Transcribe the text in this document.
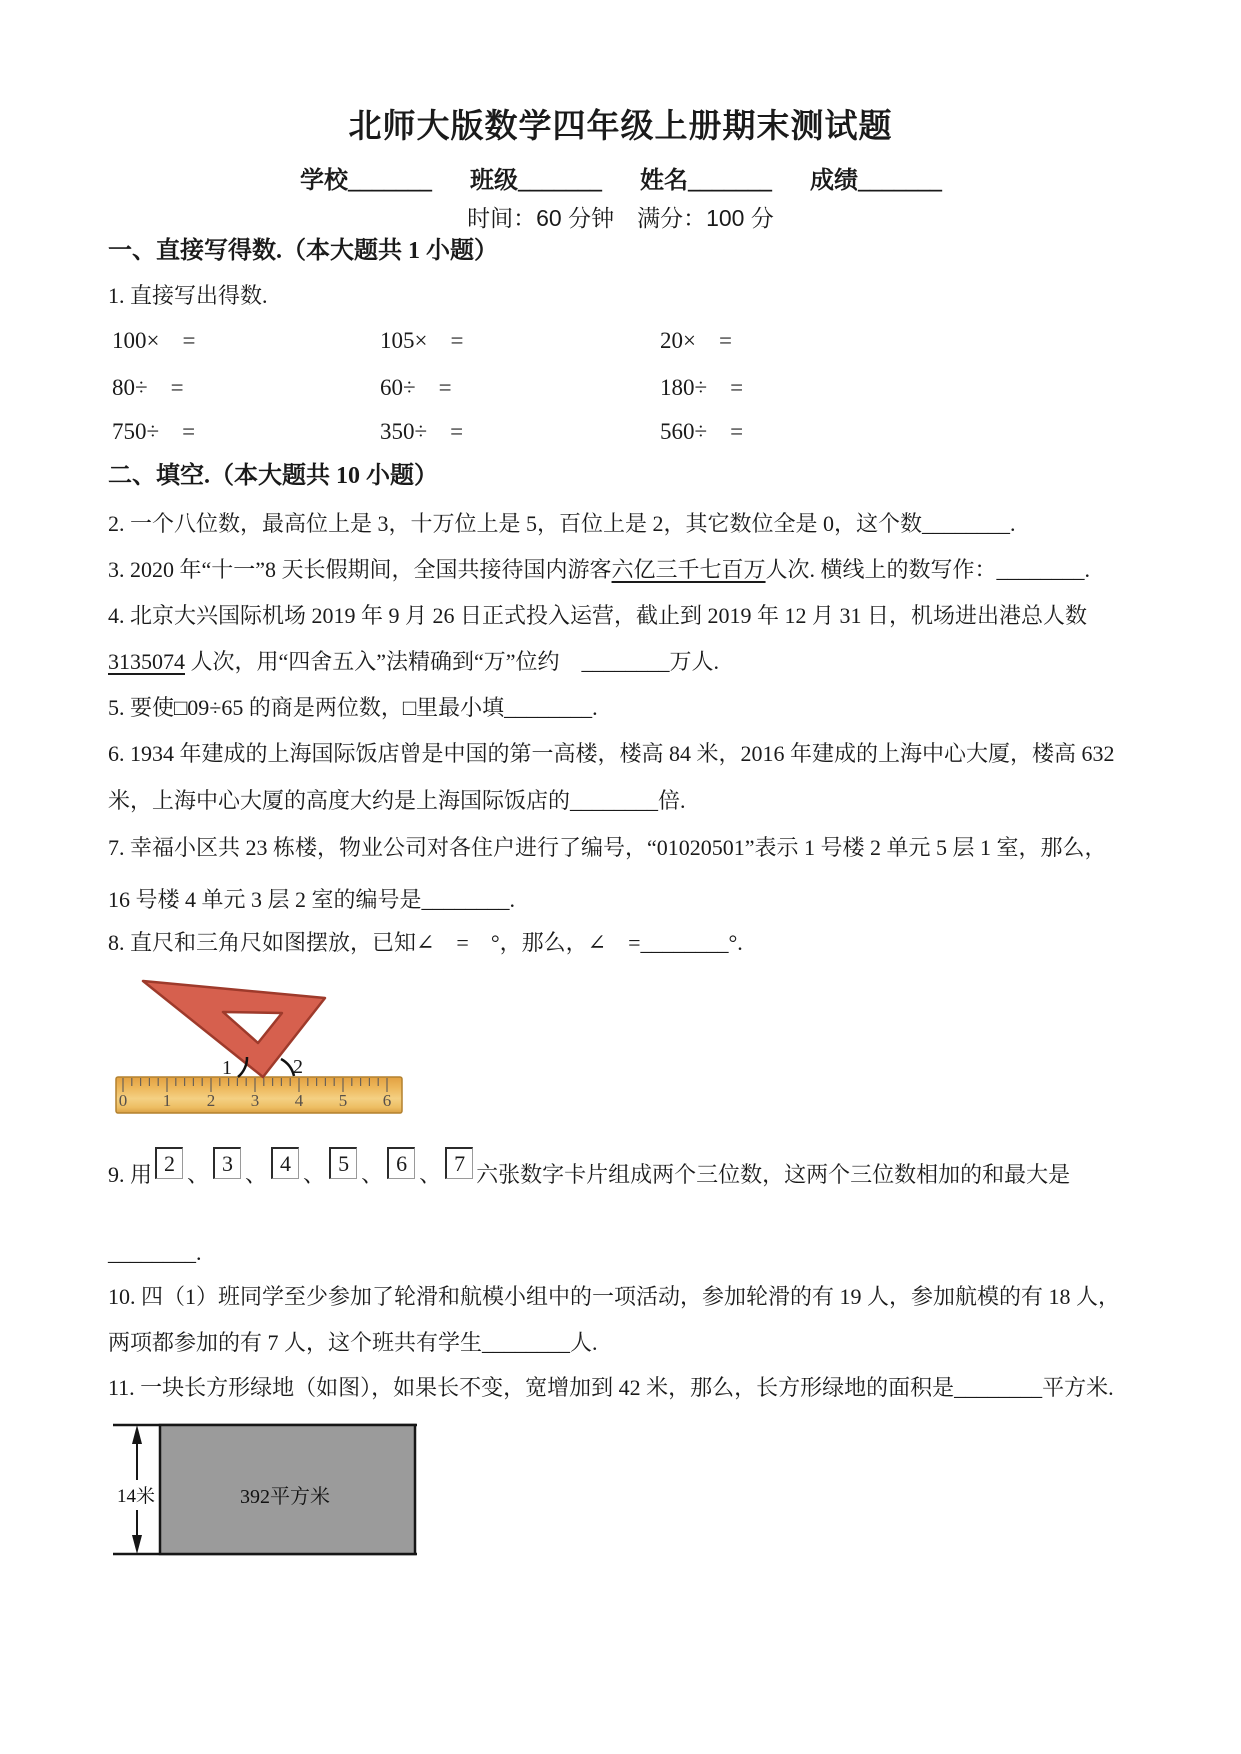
北师大版数学四年级上册期末测试题
学校_______ 班级_______ 姓名_______ 成绩_______
时间：60 分钟　满分：100 分
一、直接写得数.（本大题共 1 小题）
1. 直接写出得数.
100×　=	105×　=	20×　=
80÷　=	60÷　=	180÷　=
750÷　=	350÷　=	560÷　=
二、填空.（本大题共 10 小题）
2. 一个八位数，最高位上是 3，十万位上是 5，百位上是 2，其它数位全是 0，这个数________.
3. 2020 年“十一”8 天长假期间，全国共接待国内游客六亿三千七百万人次. 横线上的数写作：________.
4. 北京大兴国际机场 2019 年 9 月 26 日正式投入运营，截止到 2019 年 12 月 31 日，机场进出港总人数
3135074 人次，用“四舍五入”法精确到“万”位约　________万人.
5. 要使□09÷65 的商是两位数，□里最小填________.
6. 1934 年建成的上海国际饭店曾是中国的第一高楼，楼高 84 米，2016 年建成的上海中心大厦，楼高 632
米，上海中心大厦的高度大约是上海国际饭店的________倍.
7. 幸福小区共 23 栋楼，物业公司对各住户进行了编号，“01020501”表示 1 号楼 2 单元 5 层 1 室，那么，
16 号楼 4 单元 3 层 2 室的编号是________.
8. 直尺和三角尺如图摆放，已知∠　=　°，那么，∠　=________°.
0 1 2 3 4 5 6
1	2
9. 用 2 、 3 、 4 、 5 、 6 、 7 六张数字卡片组成两个三位数，这两个三位数相加的和最大是
________.
10. 四（1）班同学至少参加了轮滑和航模小组中的一项活动，参加轮滑的有 19 人，参加航模的有 18 人，
两项都参加的有 7 人，这个班共有学生________人.
11. 一块长方形绿地（如图），如果长不变，宽增加到 42 米，那么，长方形绿地的面积是________平方米.
14米	392平方米
